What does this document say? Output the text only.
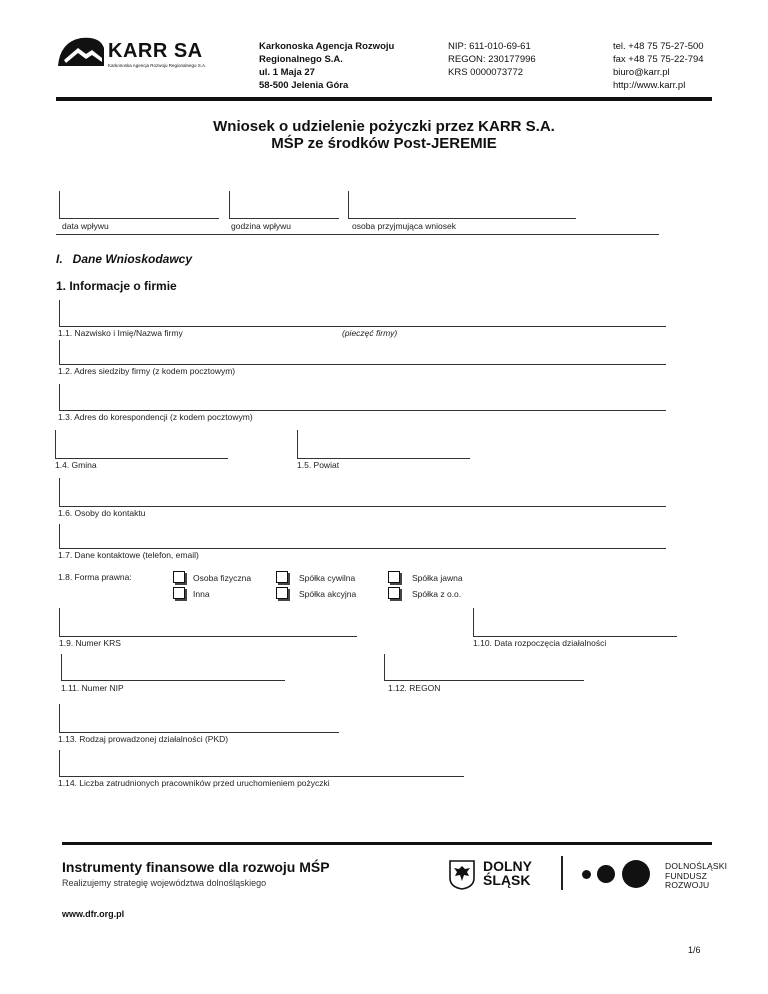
KARR SA
Karkonoska Agencja Rozwoju Regionalnego S.A.
Karkonoska Agencja Rozwoju
Regionalnego S.A.
ul. 1 Maja 27
58-500 Jelenia Góra
NIP: 611-010-69-61
REGON: 230177996
KRS 0000073772
tel. +48 75 75-27-500
fax +48 75 75-22-794
biuro@karr.pl
http://www.karr.pl
Wniosek o udzielenie pożyczki przez KARR S.A.
MŚP ze środków Post-JEREMIE
data wpływu	godzina wpływu	osoba przyjmująca wniosek
I.   Dane Wnioskodawcy
1. Informacje o firmie
1.1. Nazwisko i Imię/Nazwa firmy	(pieczęć firmy)
1.2. Adres siedziby firmy (z kodem pocztowym)
1.3. Adres do korespondencji (z kodem pocztowym)
1.4. Gmina	1.5. Powiat
1.6. Osoby do kontaktu
1.7. Dane kontaktowe (telefon, email)
1.8. Forma prawna:	Osoba fizyczna	Spółka cywilna	Spółka jawna
Inna	Spółka akcyjna	Spółka z o.o.
1.9. Numer KRS	1.10. Data rozpoczęcia działalności
1.11. Numer NIP	1.12. REGON
1.13. Rodzaj prowadzonej działalności (PKD)
1.14. Liczba zatrudnionych pracowników przed uruchomieniem pożyczki
Instrumenty finansowe dla rozwoju MŚP
Realizujemy strategię województwa dolnośląskiego
DOLNY
ŚLĄSK
DOLNOŚLĄSKI
FUNDUSZ
ROZWOJU
www.dfr.org.pl
1/6
